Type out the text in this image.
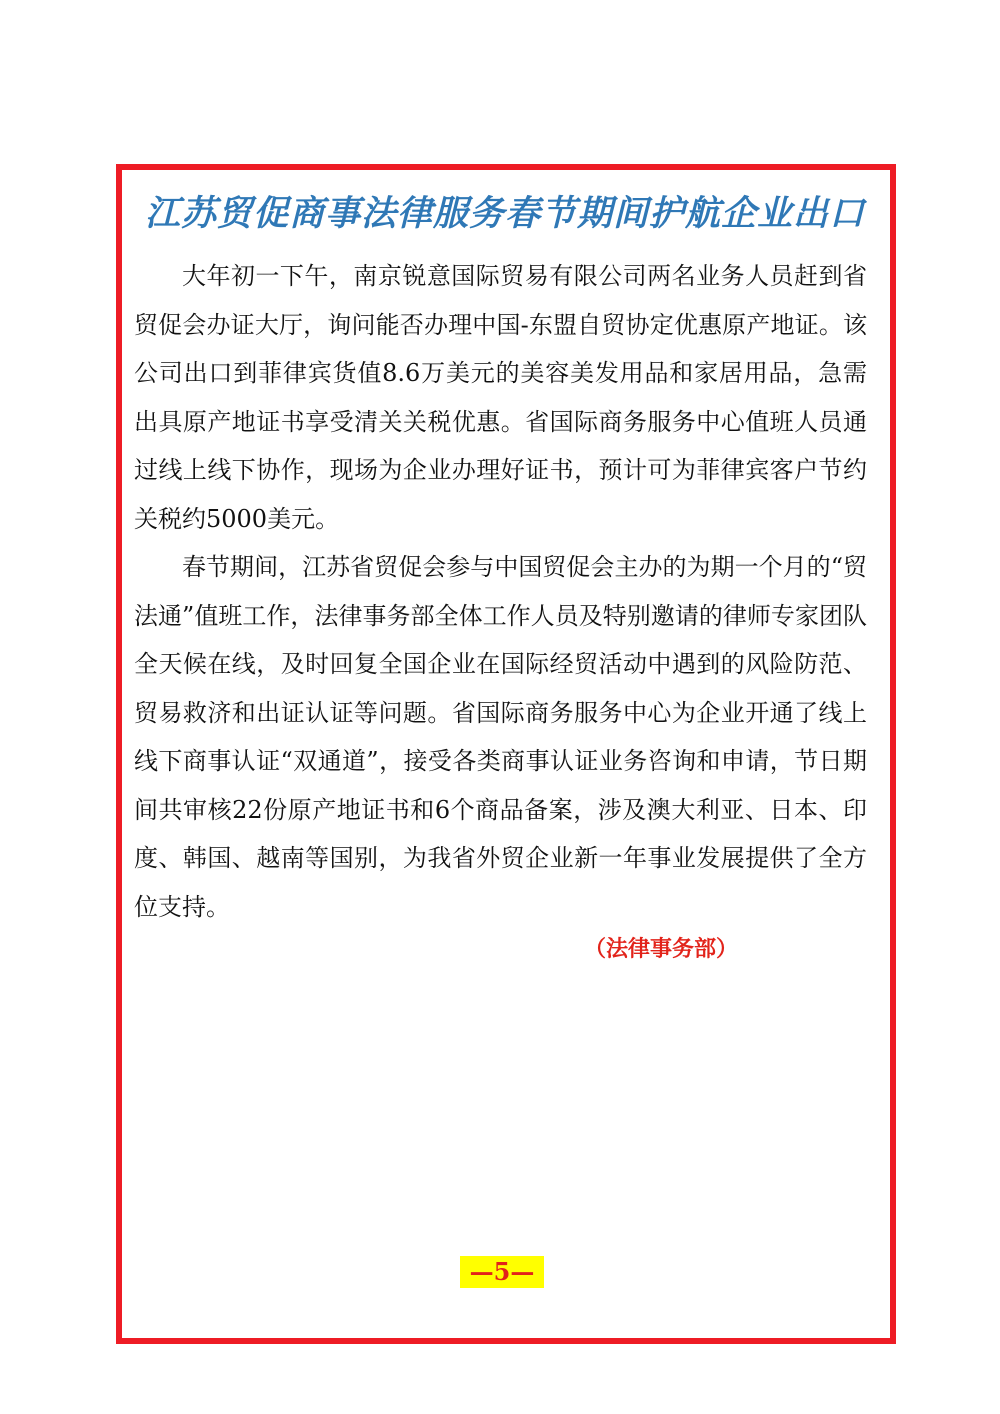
江苏贸促商事法律服务春节期间护航企业出口

大年初一下午，南京锐意国际贸易有限公司两名业务人员赶到省贸促会办证大厅，询问能否办理中国-东盟自贸协定优惠原产地证。该公司出口到菲律宾货值8.6万美元的美容美发用品和家居用品，急需出具原产地证书享受清关关税优惠。省国际商务服务中心值班人员通过线上线下协作，现场为企业办理好证书，预计可为菲律宾客户节约关税约5000美元。

春节期间，江苏省贸促会参与中国贸促会主办的为期一个月的“贸法通”值班工作，法律事务部全体工作人员及特别邀请的律师专家团队全天候在线，及时回复全国企业在国际经贸活动中遇到的风险防范、贸易救济和出证认证等问题。省国际商务服务中心为企业开通了线上线下商事认证“双通道”，接受各类商事认证业务咨询和申请，节日期间共审核22份原产地证书和6个商品备案，涉及澳大利亚、日本、印度、韩国、越南等国别，为我省外贸企业新一年事业发展提供了全方位支持。

（法律事务部）
—5—
